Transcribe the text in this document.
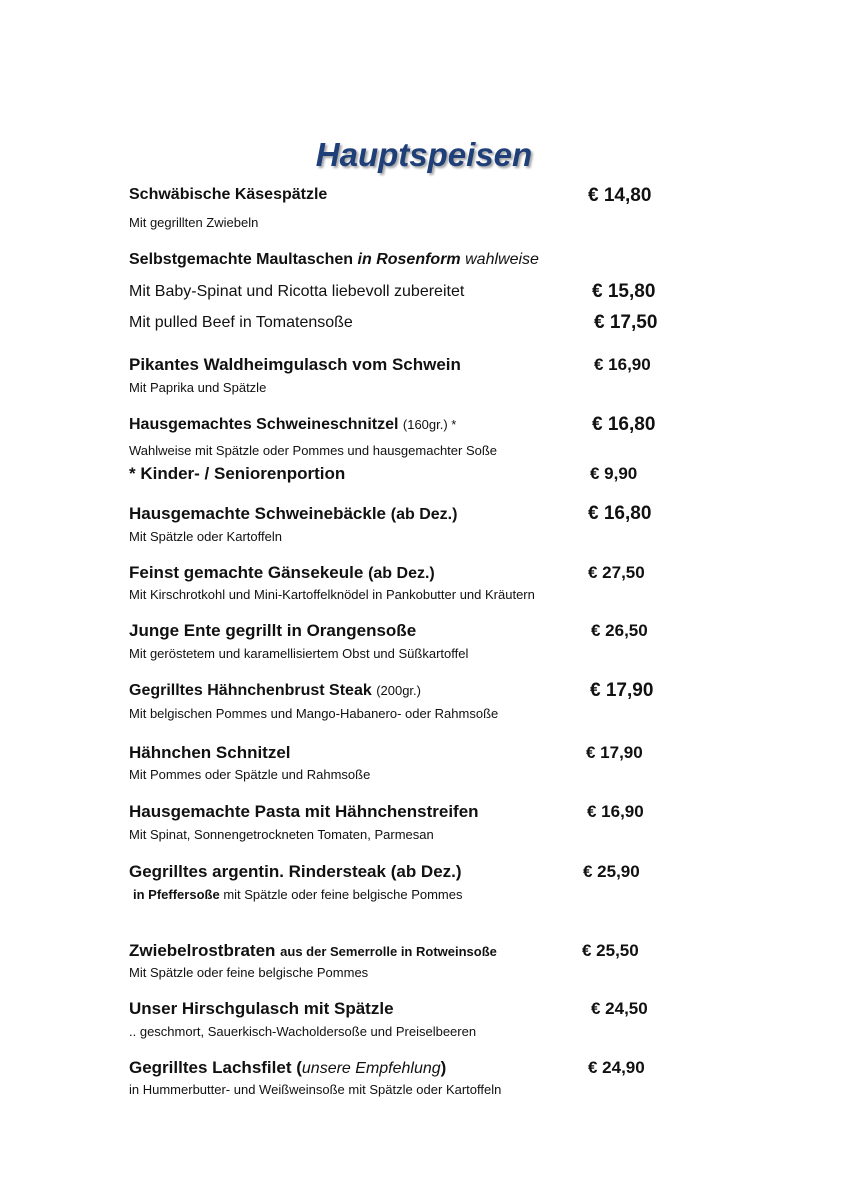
Hauptspeisen
Schwäbische Käsespätzle	€ 14,80
Mit gegrillten Zwiebeln
Selbstgemachte Maultaschen in Rosenform wahlweise
Mit Baby-Spinat und Ricotta liebevoll zubereitet	€ 15,80
Mit pulled Beef in Tomatensoße	€ 17,50
Pikantes Waldheimgulasch vom Schwein	€ 16,90
Mit Paprika und Spätzle
Hausgemachtes Schweineschnitzel (160gr.) *	€ 16,80
Wahlweise mit Spätzle oder Pommes und hausgemachter Soße
* Kinder- / Seniorenportion	€ 9,90
Hausgemachte Schweinebäckle (ab Dez.)	€ 16,80
Mit Spätzle oder Kartoffeln
Feinst gemachte Gänsekeule (ab Dez.)	€ 27,50
Mit Kirschrotkohl und Mini-Kartoffelknödel in Pankobutter und Kräutern
Junge Ente gegrillt in Orangensoße	€ 26,50
Mit geröstetem und karamellisiertem Obst und Süßkartoffel
Gegrilltes Hähnchenbrust Steak (200gr.)	€ 17,90
Mit belgischen Pommes und Mango-Habanero- oder Rahmsoße
Hähnchen Schnitzel	€ 17,90
Mit Pommes oder Spätzle und Rahmsoße
Hausgemachte Pasta mit Hähnchenstreifen	€ 16,90
Mit Spinat, Sonnengetrockneten Tomaten, Parmesan
Gegrilltes argentin. Rindersteak (ab Dez.)	€ 25,90
in Pfeffersoße mit Spätzle oder feine belgische Pommes
Zwiebelrostbraten aus der Semerrolle in Rotweinsoße	€ 25,50
Mit Spätzle oder feine belgische Pommes
Unser Hirschgulasch mit Spätzle	€ 24,50
.. geschmort, Sauerkisch-Wacholdersoße und Preiselbeeren
Gegrilltes Lachsfilet (unsere Empfehlung)	€ 24,90
in Hummerbutter- und Weißweinsoße mit Spätzle oder Kartoffeln
